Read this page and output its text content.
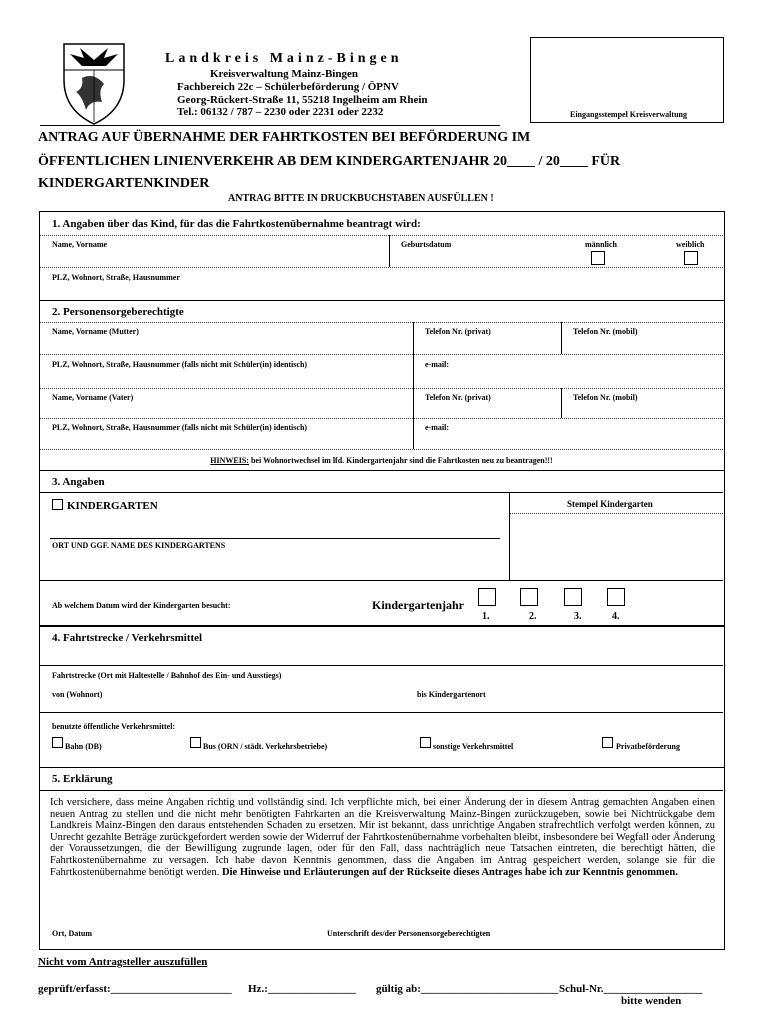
Landkreis Mainz-Bingen
Kreisverwaltung Mainz-Bingen
Fachbereich 22c – Schülerbeförderung / ÖPNV
Georg-Rückert-Straße 11, 55218 Ingelheim am Rhein
Tel.: 06132 / 787 – 2230 oder 2231 oder 2232	Eingangsstempel Kreisverwaltung
ANTRAG AUF ÜBERNAHME DER FAHRTKOSTEN BEI BEFÖRDERUNG IM
ÖFFENTLICHEN LINIENVERKEHR AB DEM KINDERGARTENJAHR 20____ / 20____ FÜR
KINDERGARTENKINDER
ANTRAG BITTE IN DRUCKBUCHSTABEN AUSFÜLLEN !
1. Angaben über das Kind, für das die Fahrtkostenübernahme beantragt wird:
Name, Vorname	Geburtsdatum	männlich	weiblich
PLZ, Wohnort, Straße, Hausnummer
2. Personensorgeberechtigte
Name, Vorname (Mutter)	Telefon Nr. (privat)	Telefon Nr. (mobil)
PLZ, Wohnort, Straße, Hausnummer (falls nicht mit Schüler(in) identisch)	e-mail:
Name, Vorname (Vater)	Telefon Nr. (privat)	Telefon Nr. (mobil)
PLZ, Wohnort, Straße, Hausnummer (falls nicht mit Schüler(in) identisch)	e-mail:
HINWEIS: bei Wohnortwechsel im lfd. Kindergartenjahr sind die Fahrtkosten neu zu beantragen!!!
3. Angaben
KINDERGARTEN	Stempel Kindergarten
ORT UND GGF. NAME DES KINDERGARTENS
Ab welchem Datum wird der Kindergarten besucht:	Kindergartenjahr
1.	2.	3.	4.
4. Fahrtstrecke / Verkehrsmittel
Fahrtstrecke (Ort mit Haltestelle / Bahnhof des Ein- und Ausstiegs)
von (Wohnort)	bis Kindergartenort
benutzte öffentliche Verkehrsmittel:
Bahn (DB)	Bus (ORN / städt. Verkehrsbetriebe)	sonstige Verkehrsmittel	Privatbeförderung
5. Erklärung
Ich versichere, dass meine Angaben richtig und vollständig sind. Ich verpflichte mich, bei einer Änderung der in diesem Antrag gemachten Angaben einen neuen Antrag zu stellen und die nicht mehr benötigten Fahrkarten an die Kreisverwaltung Mainz-Bingen zurückzugeben, sowie bei Nichtrückgabe dem Landkreis Mainz-Bingen den daraus entstehenden Schaden zu ersetzen. Mir ist bekannt, dass unrichtige Angaben strafrechtlich verfolgt werden können, zu Unrecht gezahlte Beträge zurückgefordert werden sowie der Widerruf der Fahrtkostenübernahme vorbehalten bleibt, insbesondere bei Wegfall oder Änderung der Voraussetzungen, die der Bewilligung zugrunde lagen, oder für den Fall, dass nachträglich neue Tatsachen eintreten, die berechtigt hätten, die Fahrtkostenübernahme zu versagen. Ich habe davon Kenntnis genommen, dass die Angaben im Antrag gespeichert werden, solange sie für die Fahrtkostenübernahme benötigt werden. Die Hinweise und Erläuterungen auf der Rückseite dieses Antrages habe ich zur Kenntnis genommen.
Ort, Datum	Unterschrift des/der Personensorgeberechtigten
Nicht vom Antragsteller auszufüllen
geprüft/erfasst:______________________ Hz.:________________ gültig ab:_________________________ Schul-Nr.__________________
bitte wenden
